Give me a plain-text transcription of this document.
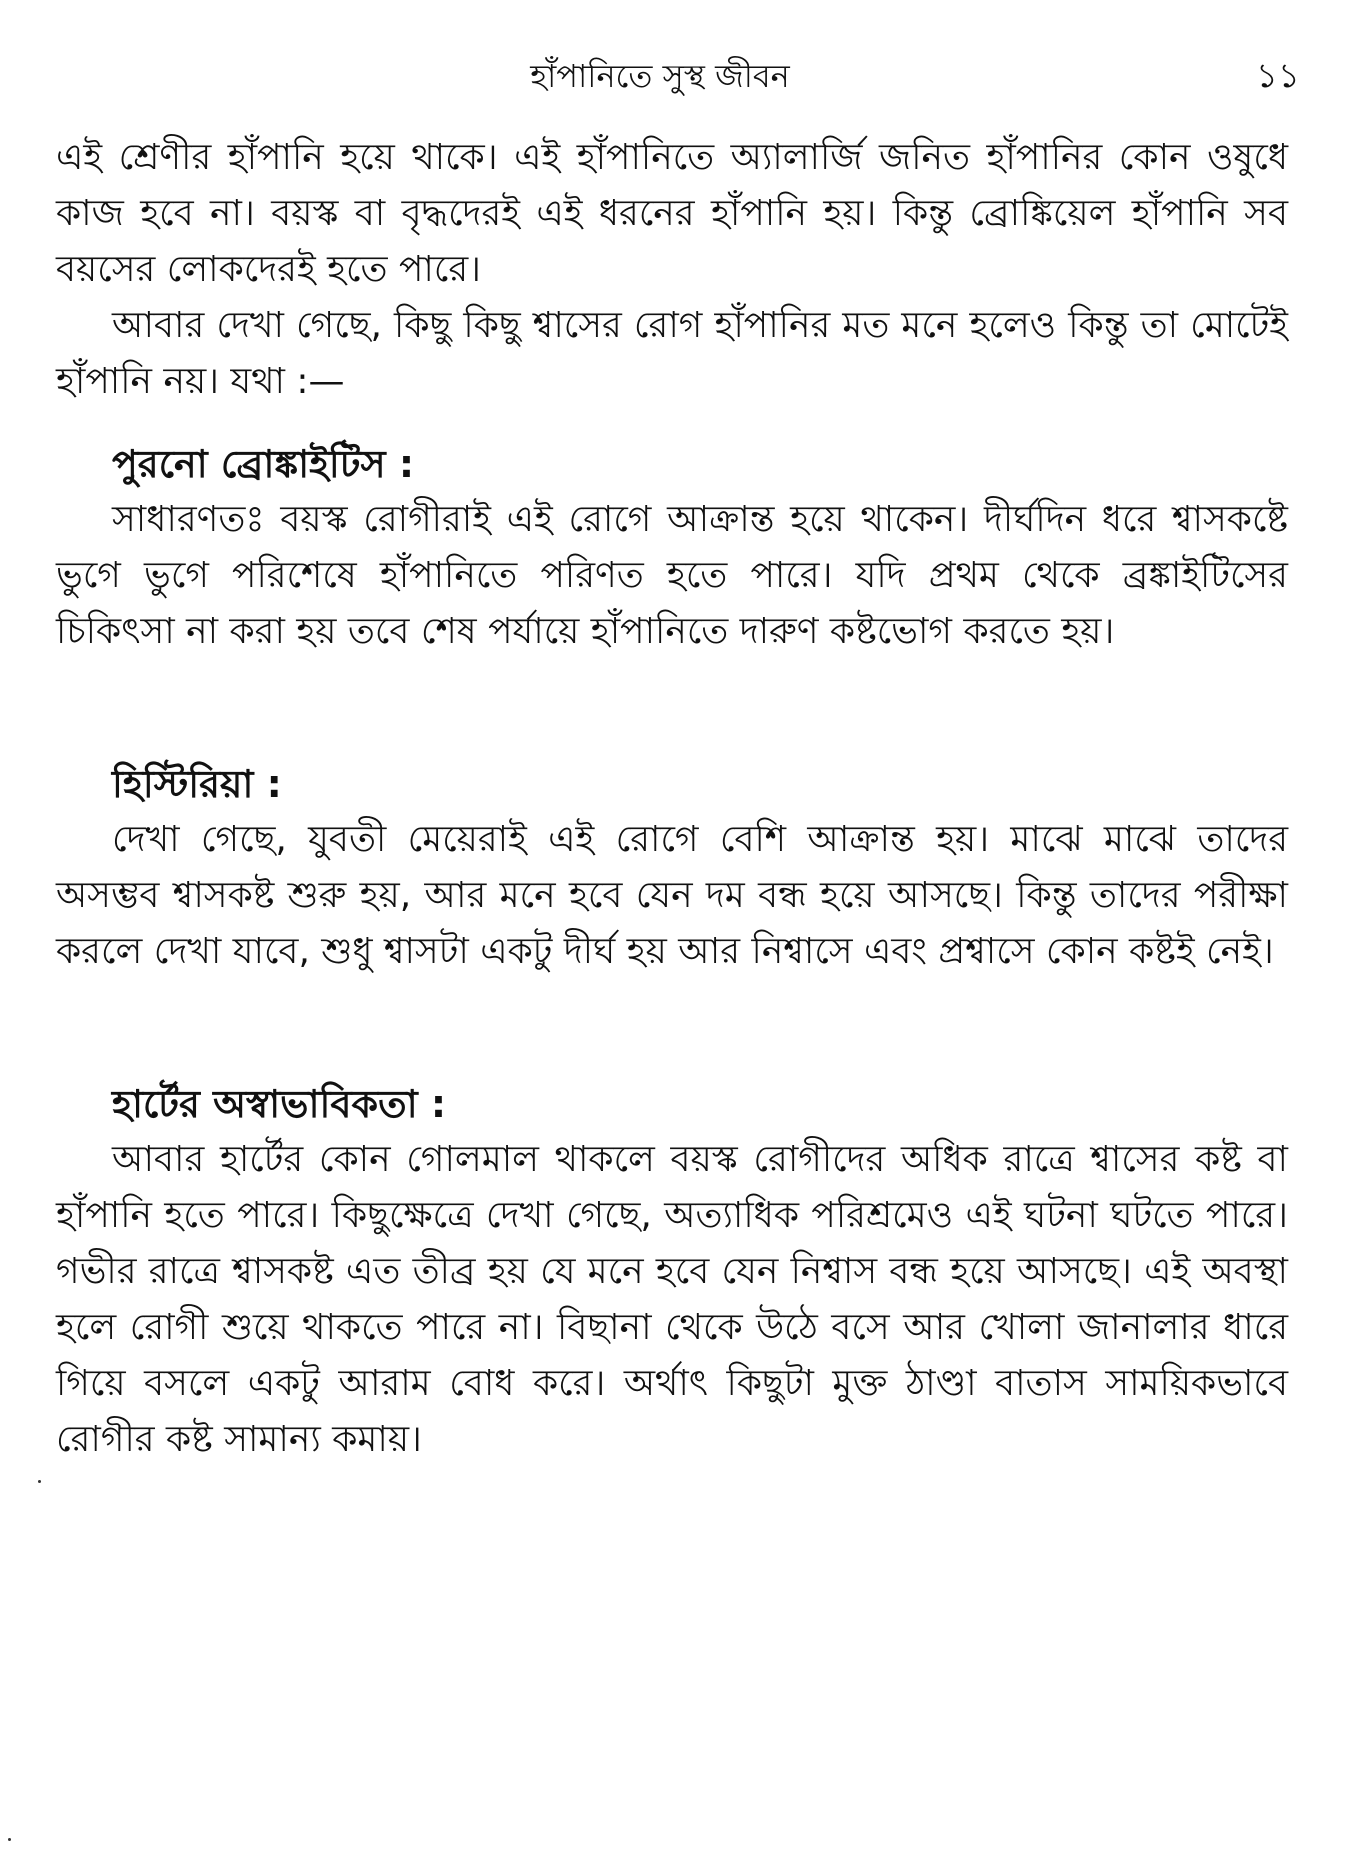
হাঁপানিতে সুস্থ জীবন	১১

এই শ্রেণীর হাঁপানি হয়ে থাকে। এই হাঁপানিতে অ্যালার্জি জনিত হাঁপানির কোন ওষুধে কাজ হবে না। বয়স্ক বা বৃদ্ধদেরই এই ধরনের হাঁপানি হয়। কিন্তু ব্রোঙ্কিয়েল হাঁপানি সব বয়সের লোকদেরই হতে পারে।

আবার দেখা গেছে, কিছু কিছু শ্বাসের রোগ হাঁপানির মত মনে হলেও কিন্তু তা মোটেই হাঁপানি নয়। যথা :—

পুরনো ব্রোঙ্কাইটিস :

সাধারণতঃ বয়স্ক রোগীরাই এই রোগে আক্রান্ত হয়ে থাকেন। দীর্ঘদিন ধরে শ্বাসকষ্টে ভুগে ভুগে পরিশেষে হাঁপানিতে পরিণত হতে পারে। যদি প্রথম থেকে ব্রঙ্কাইটিসের চিকিৎসা না করা হয় তবে শেষ পর্যায়ে হাঁপানিতে দারুণ কষ্টভোগ করতে হয়।

হিস্টিরিয়া :

দেখা গেছে, যুবতী মেয়েরাই এই রোগে বেশি আক্রান্ত হয়। মাঝে মাঝে তাদের অসম্ভব শ্বাসকষ্ট শুরু হয়, আর মনে হবে যেন দম বন্ধ হয়ে আসছে। কিন্তু তাদের পরীক্ষা করলে দেখা যাবে, শুধু শ্বাসটা একটু দীর্ঘ হয় আর নিশ্বাসে এবং প্রশ্বাসে কোন কষ্টই নেই।

হার্টের অস্বাভাবিকতা :

আবার হার্টের কোন গোলমাল থাকলে বয়স্ক রোগীদের অধিক রাত্রে শ্বাসের কষ্ট বা হাঁপানি হতে পারে। কিছুক্ষেত্রে দেখা গেছে, অত্যাধিক পরিশ্রমেও এই ঘটনা ঘটতে পারে। গভীর রাত্রে শ্বাসকষ্ট এত তীব্র হয় যে মনে হবে যেন নিশ্বাস বন্ধ হয়ে আসছে। এই অবস্থা হলে রোগী শুয়ে থাকতে পারে না। বিছানা থেকে উঠে বসে আর খোলা জানালার ধারে গিয়ে বসলে একটু আরাম বোধ করে। অর্থাৎ কিছুটা মুক্ত ঠাণ্ডা বাতাস সাময়িকভাবে রোগীর কষ্ট সামান্য কমায়।
